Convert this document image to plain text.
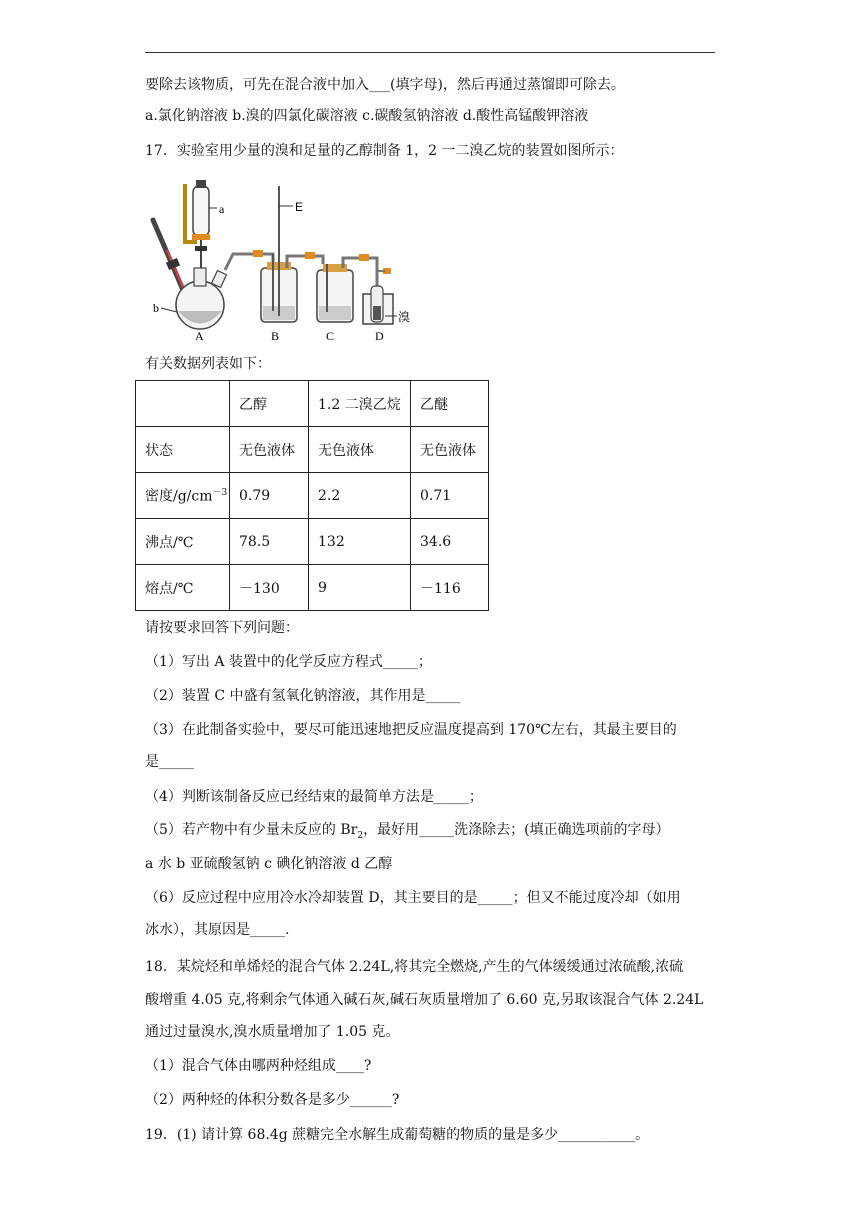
要除去该物质，可先在混合液中加入___(填字母)，然后再通过蒸馏即可除去。
a.氯化钠溶液 b.溴的四氯化碳溶液 c.碳酸氢钠溶液 d.酸性高锰酸钾溶液
17．实验室用少量的溴和足量的乙醇制备 1，2 一二溴乙烷的装置如图所示：
a
b
A
E
B	C
溴
D
有关数据列表如下：
	乙醇	1.2 二溴乙烷	乙醚
状态	无色液体	无色液体	无色液体
密度$/g/cm^{-3}$	0.79	2.2	0.71
沸点/℃	78.5	132	34.6
熔点/℃	－130	9	－116
请按要求回答下列问题：
（1）写出 A 装置中的化学反应方程式_____；
（2）装置 C 中盛有氢氧化钠溶液，其作用是_____
（3）在此制备实验中，要尽可能迅速地把反应温度提高到 170℃左右，其最主要目的
是_____
（4）判断该制备反应已经结束的最简单方法是_____；
（5）若产物中有少量未反应的 $Br_2$，最好用_____洗涤除去；(填正确选项前的字母）
a 水 b 亚硫酸氢钠 c 碘化钠溶液 d 乙醇
（6）反应过程中应用冷水冷却装置 D，其主要目的是_____；但又不能过度冷却（如用
冰水），其原因是_____.
18．某烷烃和单烯烃的混合气体 2.24L,将其完全燃烧,产生的气体缓缓通过浓硫酸,浓硫
酸增重 4.05 克,将剩余气体通入碱石灰,碱石灰质量增加了 6.60 克,另取该混合气体 2.24L
通过过量溴水,溴水质量增加了 1.05 克。
（1）混合气体由哪两种烃组成____?
（2）两种烃的体积分数各是多少______?
19．(1) 请计算 68.4g 蔗糖完全水解生成葡萄糖的物质的量是多少___________。
